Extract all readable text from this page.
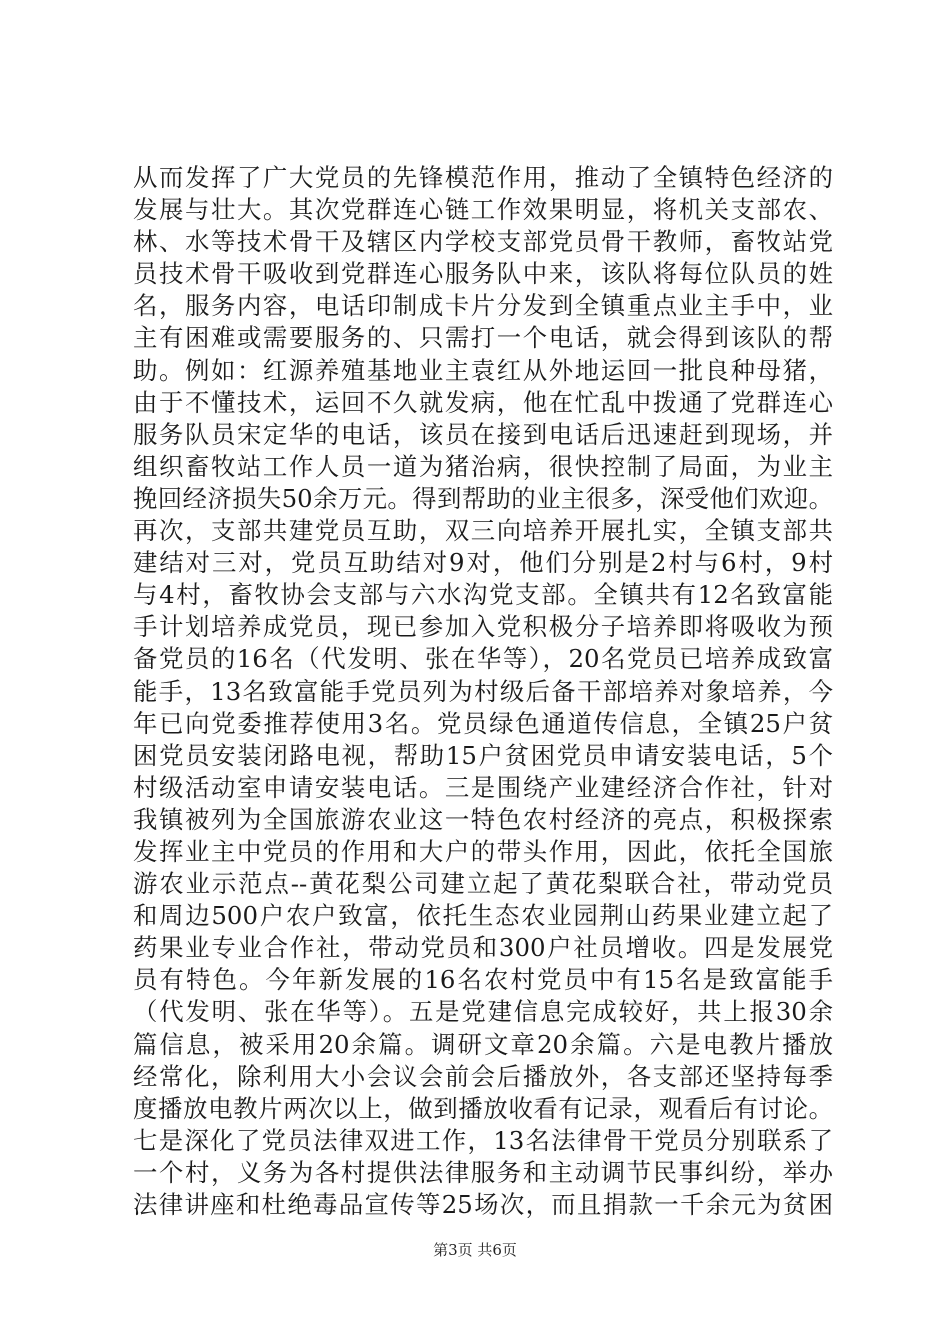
从而发挥了广大党员的先锋模范作用，推动了全镇特色经济的
发展与壮大。其次党群连心链工作效果明显，将机关支部农、
林、水等技术骨干及辖区内学校支部党员骨干教师，畜牧站党
员技术骨干吸收到党群连心服务队中来，该队将每位队员的姓
名，服务内容，电话印制成卡片分发到全镇重点业主手中，业
主有困难或需要服务的、只需打一个电话，就会得到该队的帮
助。例如：红源养殖基地业主袁红从外地运回一批良种母猪，
由于不懂技术，运回不久就发病，他在忙乱中拨通了党群连心
服务队员宋定华的电话，该员在接到电话后迅速赶到现场，并
组织畜牧站工作人员一道为猪治病，很快控制了局面，为业主
挽回经济损失50余万元。得到帮助的业主很多，深受他们欢迎。
再次，支部共建党员互助，双三向培养开展扎实，全镇支部共
建结对三对，党员互助结对9对，他们分别是2村与6村，9村
与4村，畜牧协会支部与六水沟党支部。全镇共有12名致富能
手计划培养成党员，现已参加入党积极分子培养即将吸收为预
备党员的16名（代发明、张在华等），20名党员已培养成致富
能手，13名致富能手党员列为村级后备干部培养对象培养，今
年已向党委推荐使用3名。党员绿色通道传信息，全镇25户贫
困党员安装闭路电视，帮助15户贫困党员申请安装电话，5个
村级活动室申请安装电话。三是围绕产业建经济合作社，针对
我镇被列为全国旅游农业这一特色农村经济的亮点，积极探索
发挥业主中党员的作用和大户的带头作用，因此，依托全国旅
游农业示范点--黄花梨公司建立起了黄花梨联合社，带动党员
和周边500户农户致富，依托生态农业园荆山药果业建立起了
药果业专业合作社，带动党员和300户社员增收。四是发展党
员有特色。今年新发展的16名农村党员中有15名是致富能手
（代发明、张在华等）。五是党建信息完成较好，共上报30余
篇信息，被采用20余篇。调研文章20余篇。六是电教片播放
经常化，除利用大小会议会前会后播放外，各支部还坚持每季
度播放电教片两次以上，做到播放收看有记录，观看后有讨论。
七是深化了党员法律双进工作，13名法律骨干党员分别联系了
一个村，义务为各村提供法律服务和主动调节民事纠纷，举办
法律讲座和杜绝毒品宣传等25场次，而且捐款一千余元为贫困
第3页 共6页
